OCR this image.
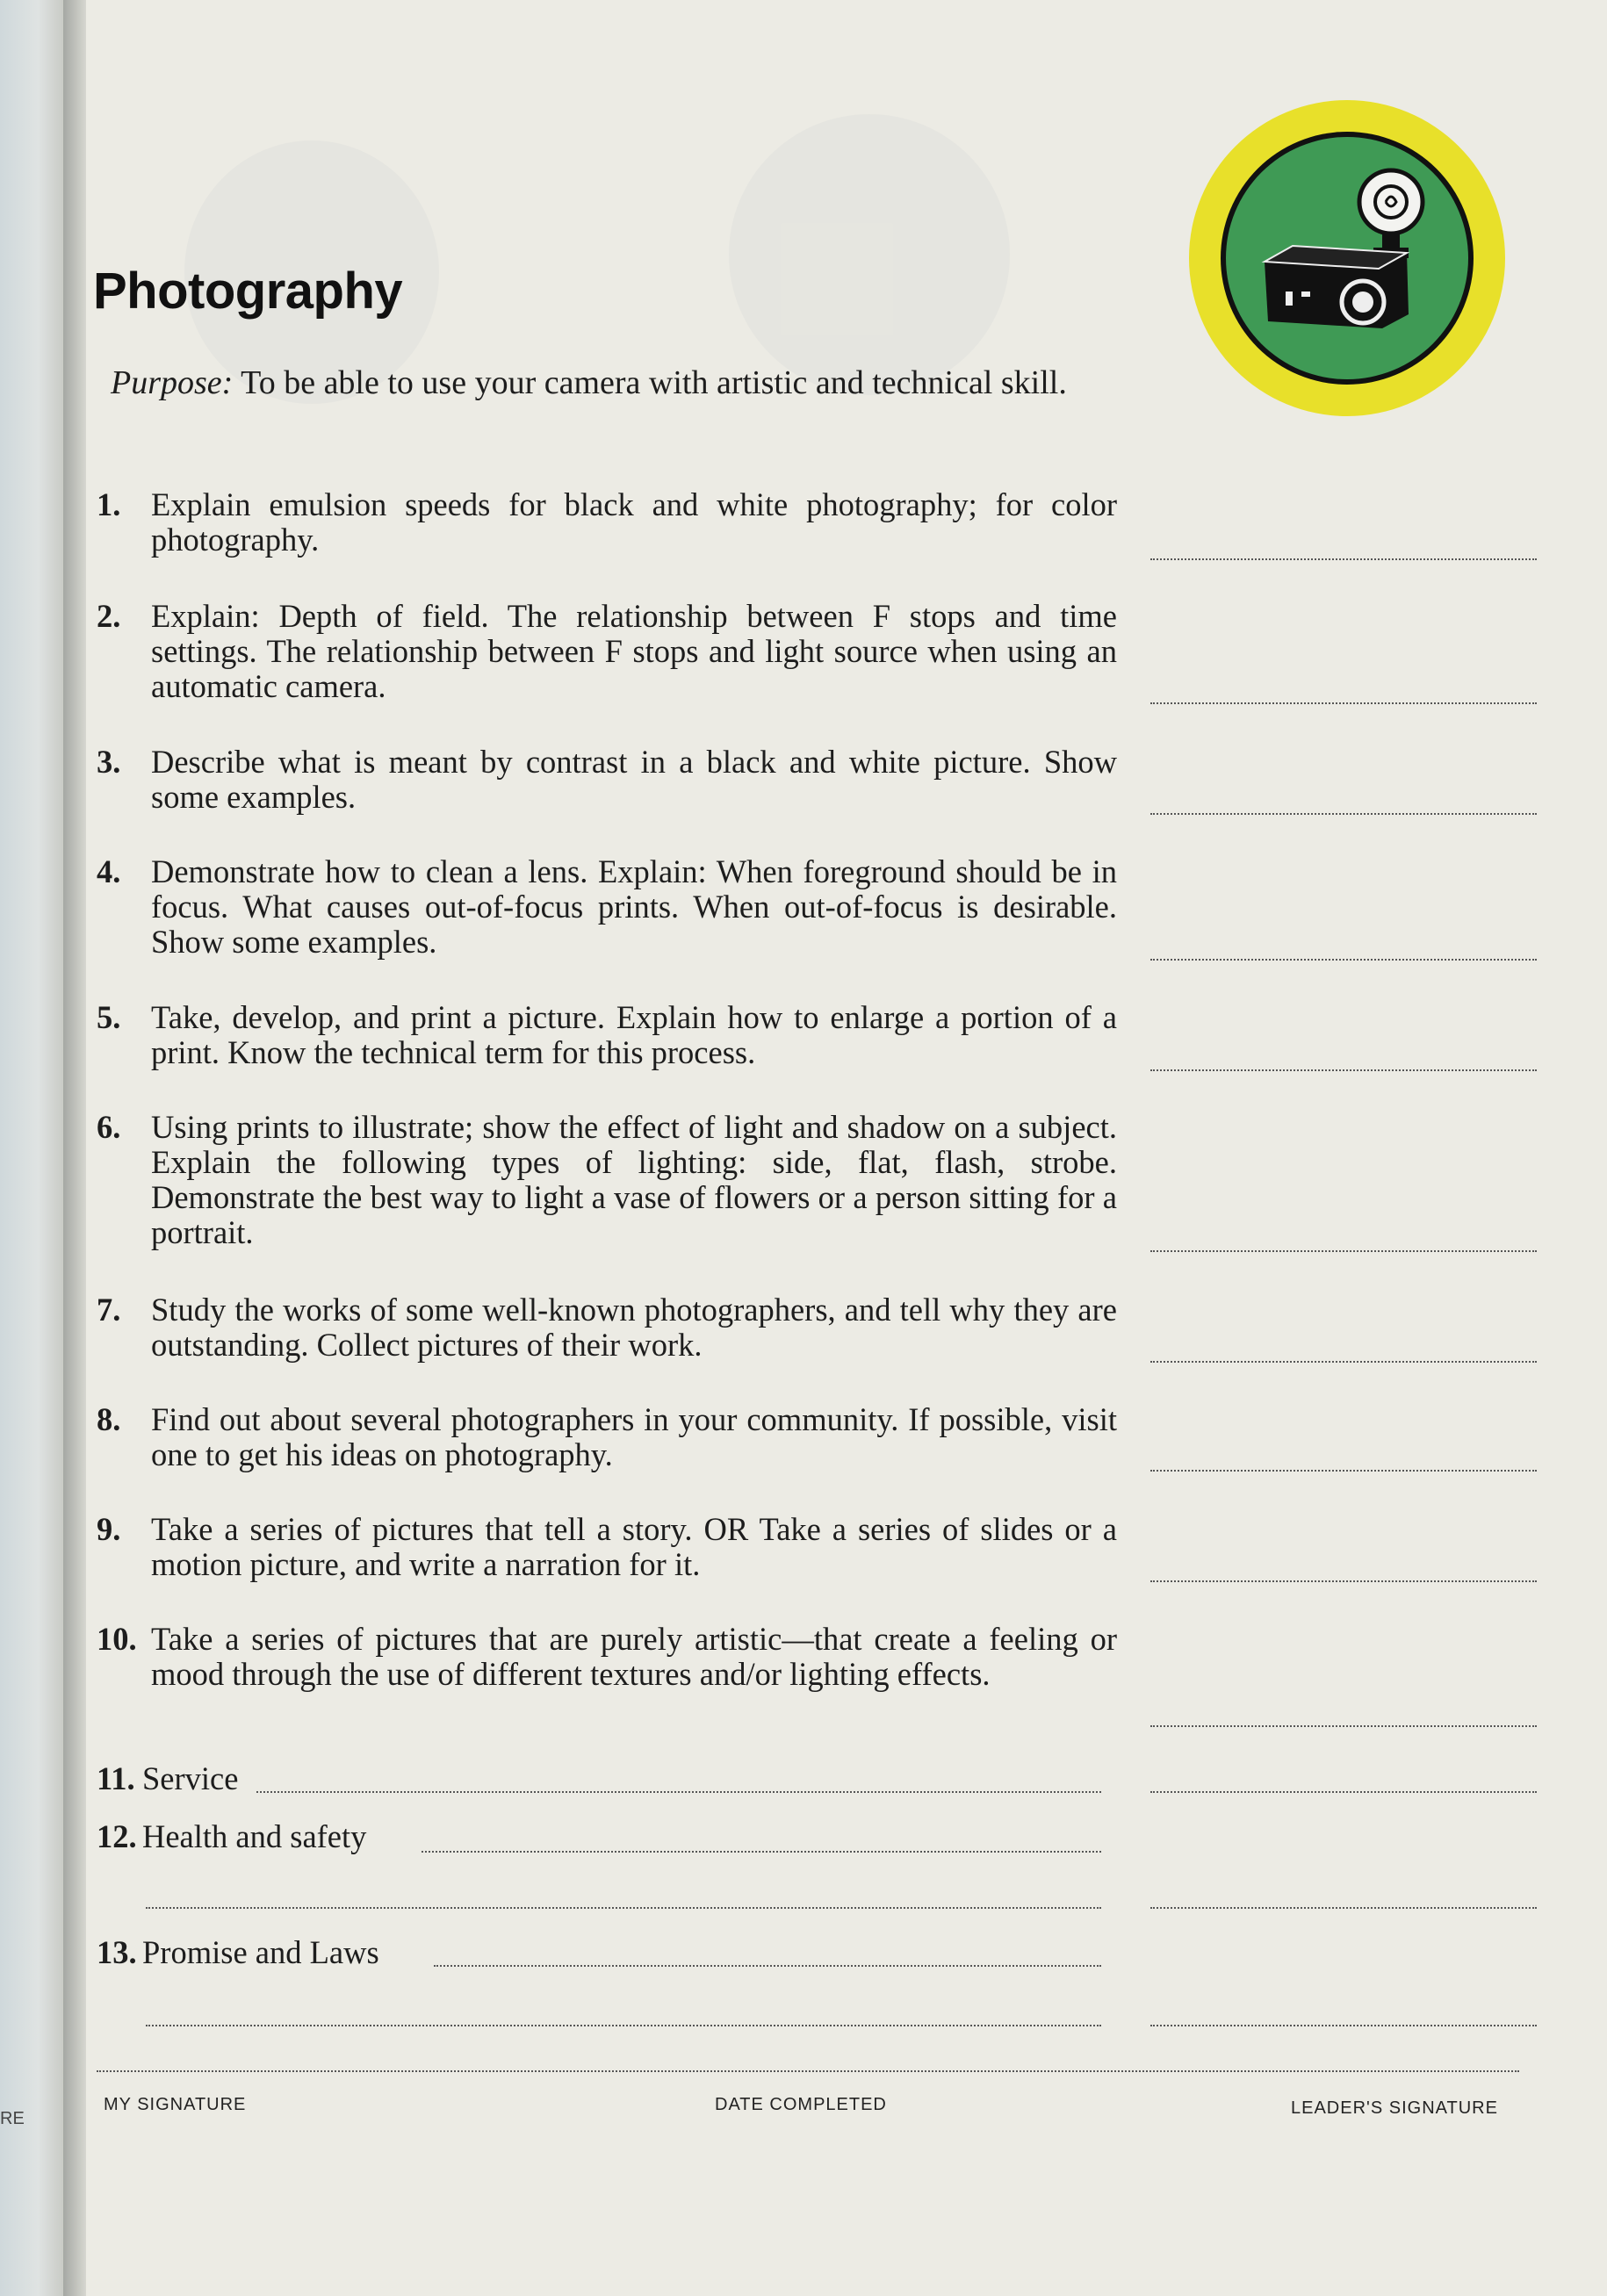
RE
Photography
Purpose: To be able to use your camera with artistic and technical skill.
1. Explain emulsion speeds for black and white photography; for color photography.
2. Explain: Depth of field. The relationship between F stops and time settings. The relationship between F stops and light source when using an automatic camera.
3. Describe what is meant by contrast in a black and white picture. Show some examples.
4. Demonstrate how to clean a lens. Explain: When foreground should be in focus. What causes out-of-focus prints. When out-of-focus is desirable. Show some examples.
5. Take, develop, and print a picture. Explain how to enlarge a portion of a print. Know the technical term for this process.
6. Using prints to illustrate; show the effect of light and shadow on a subject. Explain the following types of lighting: side, flat, flash, strobe. Demonstrate the best way to light a vase of flowers or a person sitting for a portrait.
7. Study the works of some well-known photographers, and tell why they are outstanding. Collect pictures of their work.
8. Find out about several photographers in your community. If possible, visit one to get his ideas on photography.
9. Take a series of pictures that tell a story. OR Take a series of slides or a motion picture, and write a narration for it.
10. Take a series of pictures that are purely artistic—that create a feeling or mood through the use of different textures and/or lighting effects.
11. Service
12. Health and safety
13. Promise and Laws
MY SIGNATURE	DATE COMPLETED	LEADER'S SIGNATURE
